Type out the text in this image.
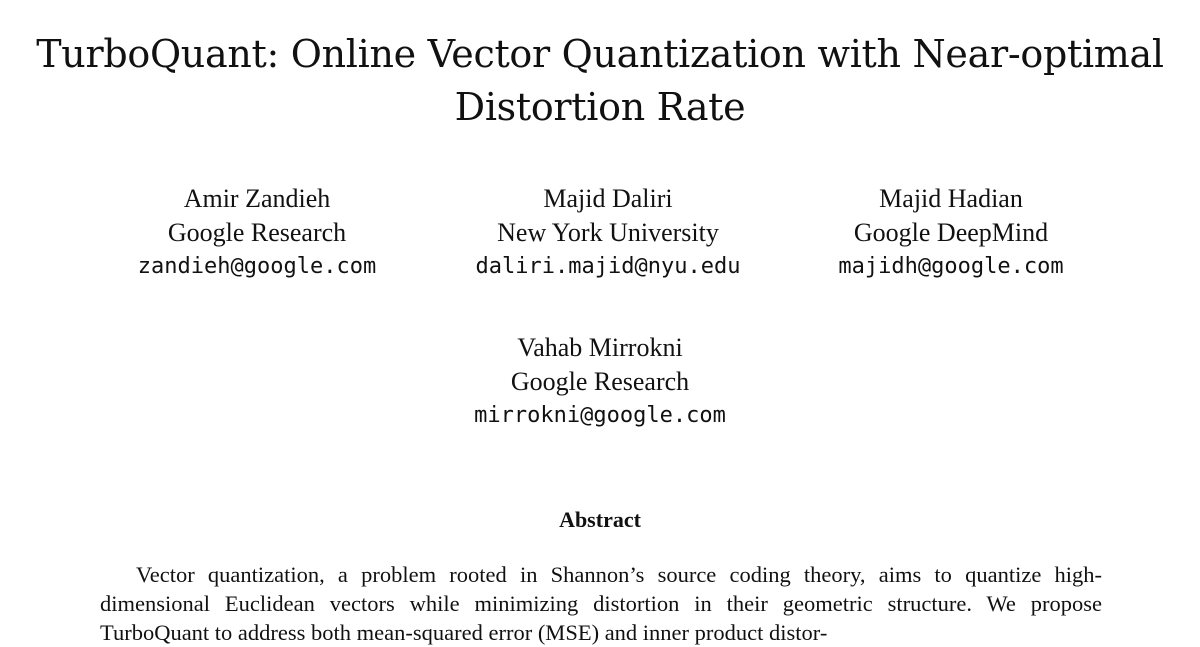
TurboQuant: Online Vector Quantization with Near-optimal
Distortion Rate
Amir Zandieh
Google Research
zandieh@google.com
Majid Daliri
New York University
daliri.majid@nyu.edu
Majid Hadian
Google DeepMind
majidh@google.com
Vahab Mirrokni
Google Research
mirrokni@google.com
Abstract

Vector quantization, a problem rooted in Shannon’s source coding theory, aims to quantize high-dimensional Euclidean vectors while minimizing distortion in their geometric structure. We propose TurboQuant to address both mean-squared error (MSE) and inner product distor-
